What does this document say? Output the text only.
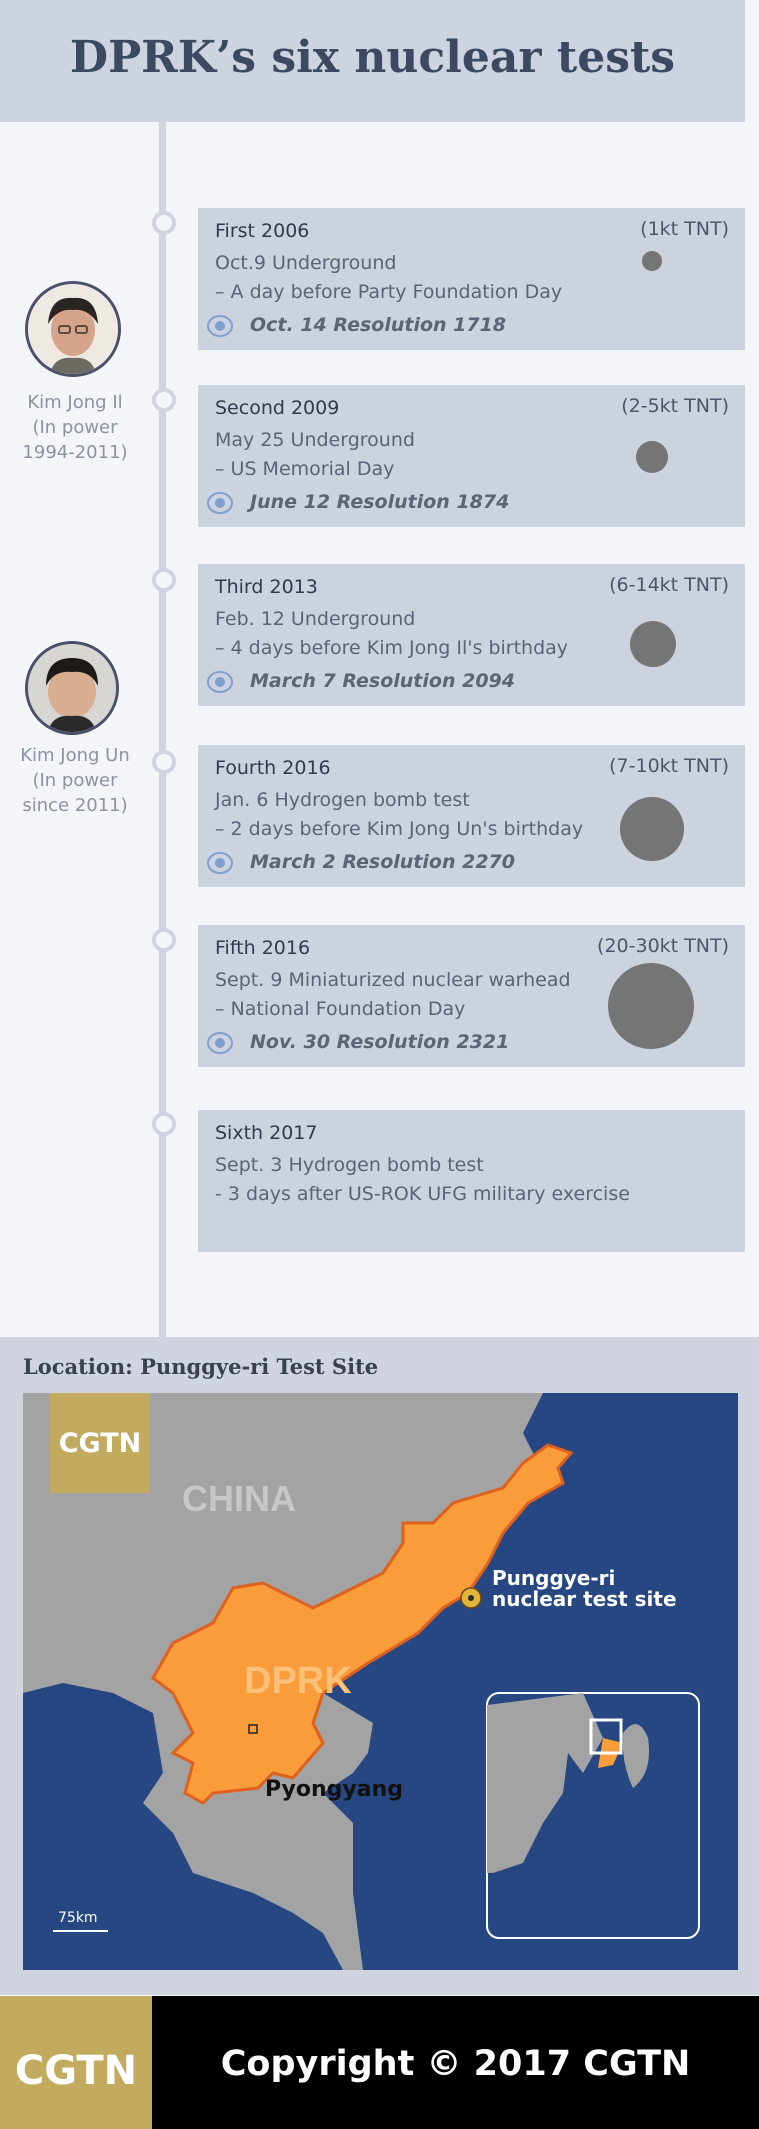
DPRK’s six nuclear tests
First 2006	(1kt TNT)
Oct.9 Underground
– A day before Party Foundation Day
Oct. 14 Resolution 1718
Second 2009	(2-5kt TNT)
May 25 Underground
– US Memorial Day
June 12 Resolution 1874
Third 2013	(6-14kt TNT)
Feb. 12 Underground
– 4 days before Kim Jong Il's birthday
March 7 Resolution 2094
Fourth 2016	(7-10kt TNT)
Jan. 6 Hydrogen bomb test
– 2 days before Kim Jong Un's birthday
March 2 Resolution 2270
Fifth 2016	(20-30kt TNT)
Sept. 9 Miniaturized nuclear warhead
– National Foundation Day
Nov. 30 Resolution 2321
Sixth 2017
Sept. 3 Hydrogen bomb test
- 3 days after US-ROK UFG military exercise
Kim Jong Il
(In power
1994-2011)
Kim Jong Un
(In power
since 2011)
Location: Punggye-ri Test Site
CGTN
CHINA
DPRK
Punggye-ri
nuclear test site
Pyongyang
75km
CGTN	Copyright © 2017 CGTN
